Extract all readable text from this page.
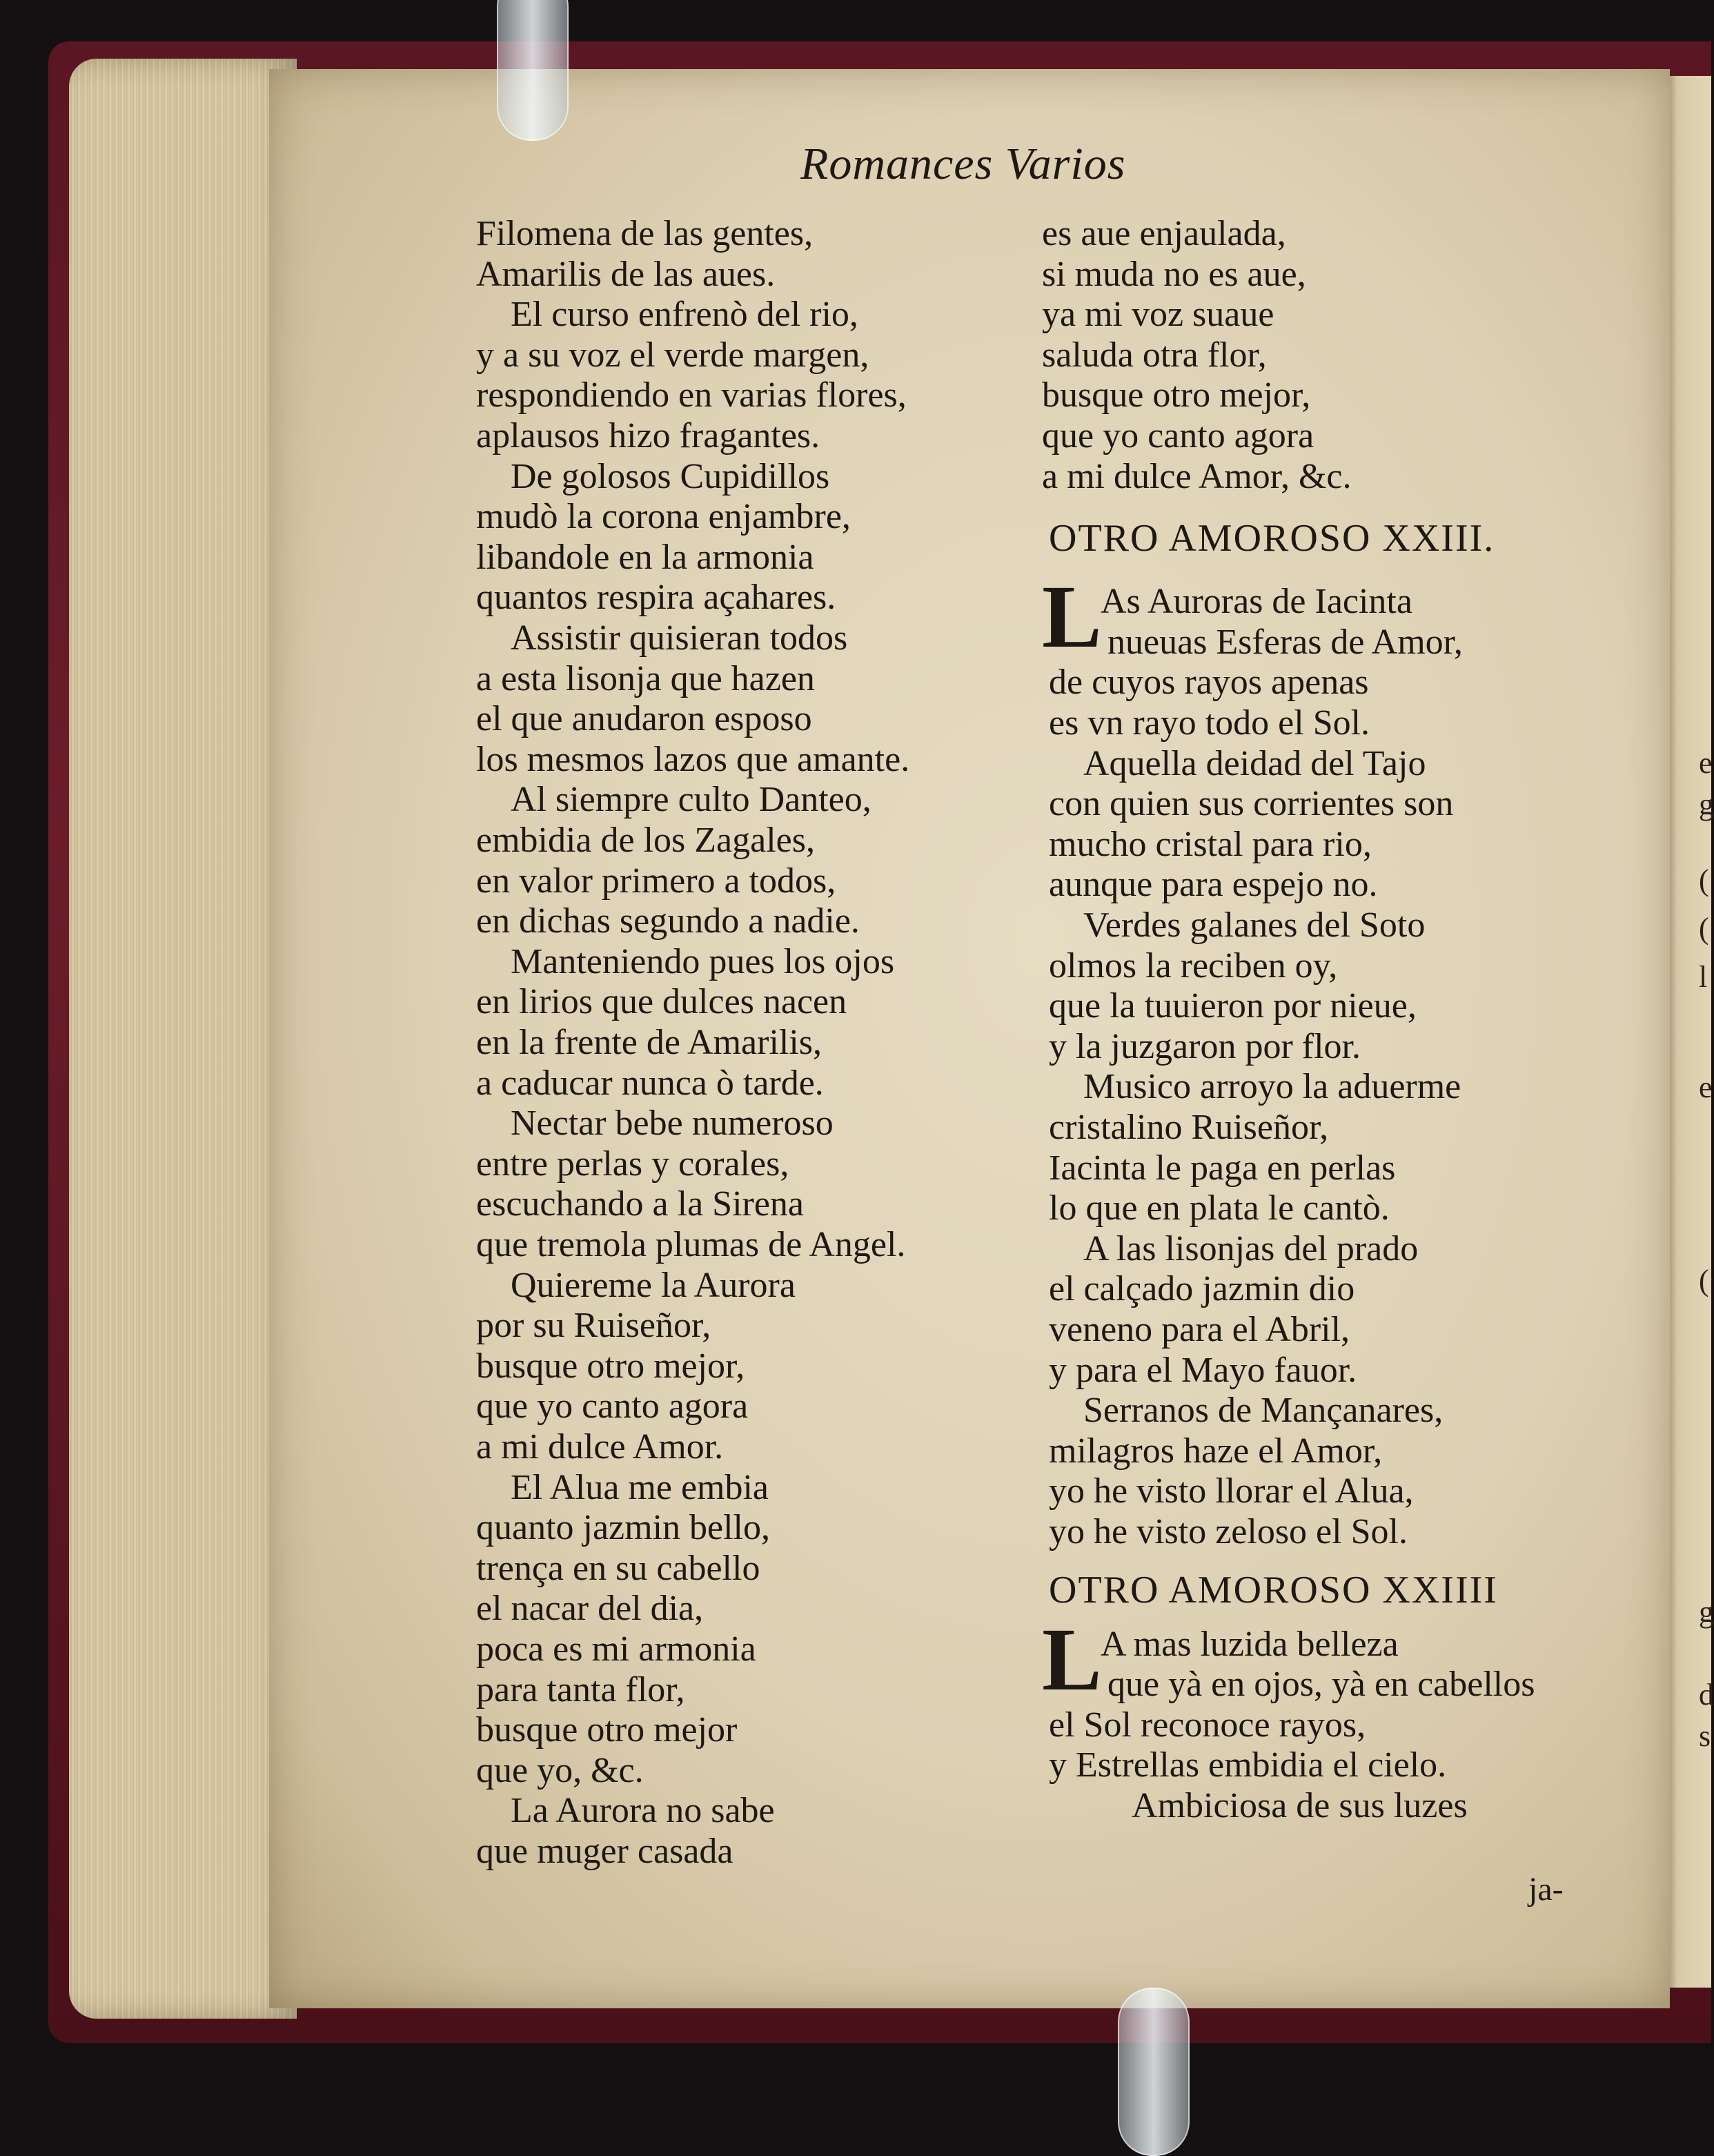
e
g
(
(
l
e
(
g
d
s
Romances Varios
Filomena de las gentes,
Amarilis de las aues.
El curso enfrenò del rio,
y a su voz el verde margen,
respondiendo en varias flores,
aplausos hizo fragantes.
De golosos Cupidillos
mudò la corona enjambre,
libandole en la armonia
quantos respira açahares.
Assistir quisieran todos
a esta lisonja que hazen
el que anudaron esposo
los mesmos lazos que amante.
Al siempre culto Danteo,
embidia de los Zagales,
en valor primero a todos,
en dichas segundo a nadie.
Manteniendo pues los ojos
en lirios que dulces nacen
en la frente de Amarilis,
a caducar nunca ò tarde.
Nectar bebe numeroso
entre perlas y corales,
escuchando a la Sirena
que tremola plumas de Angel.
Quiereme la Aurora
por su Ruiseñor,
busque otro mejor,
que yo canto agora
a mi dulce Amor.
El Alua me embia
quanto jazmin bello,
trença en su cabello
el nacar del dia,
poca es mi armonia
para tanta flor,
busque otro mejor
que yo, &c.
La Aurora no sabe
que muger casada
es aue enjaulada,
si muda no es aue,
ya mi voz suaue
saluda otra flor,
busque otro mejor,
que yo canto agora
a mi dulce Amor, &c.
OTRO AMOROSO XXIII.
L
As Auroras de Iacinta
nueuas Esferas de Amor,
de cuyos rayos apenas
es vn rayo todo el Sol.
Aquella deidad del Tajo
con quien sus corrientes son
mucho cristal para rio,
aunque para espejo no.
Verdes galanes del Soto
olmos la reciben oy,
que la tuuieron por nieue,
y la juzgaron por flor.
Musico arroyo la aduerme
cristalino Ruiseñor,
Iacinta le paga en perlas
lo que en plata le cantò.
A las lisonjas del prado
el calçado jazmin dio
veneno para el Abril,
y para el Mayo fauor.
Serranos de Mançanares,
milagros haze el Amor,
yo he visto llorar el Alua,
yo he visto zeloso el Sol.
OTRO AMOROSO XXIIII
L
A mas luzida belleza
que yà en ojos, yà en cabellos
el Sol reconoce rayos,
y Estrellas embidia el cielo.
Ambiciosa de sus luzes
ja-
